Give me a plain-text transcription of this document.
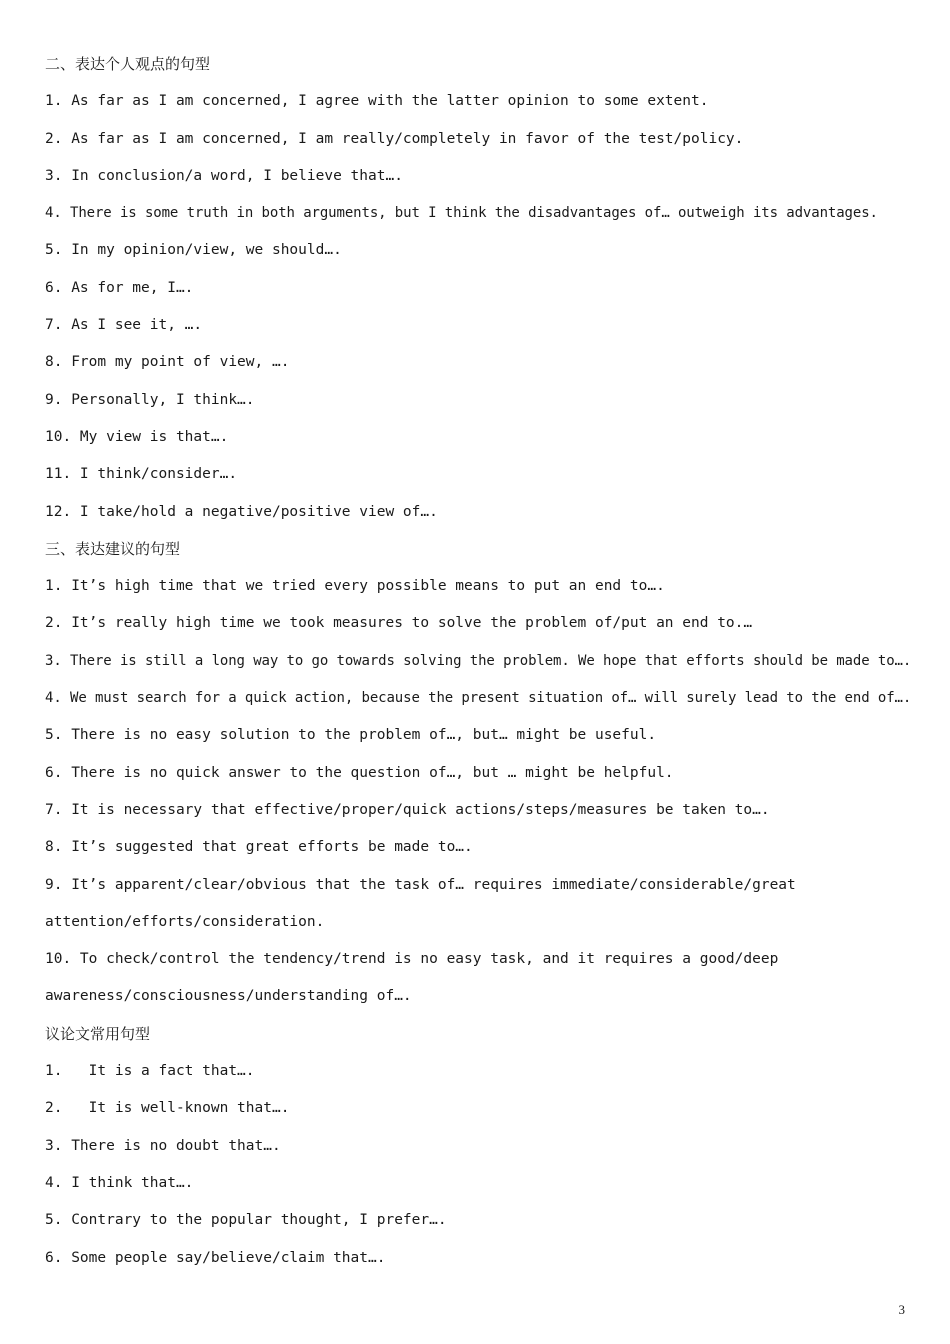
二、表达个人观点的句型
1. As far as I am concerned, I agree with the latter opinion to some extent.
2. As far as I am concerned, I am really/completely in favor of the test/policy.
3. In conclusion/a word, I believe that….
4. There is some truth in both arguments, but I think the disadvantages of… outweigh its advantages.
5. In my opinion/view, we should….
6. As for me, I….
7. As I see it, ….
8. From my point of view, ….
9. Personally, I think….
10. My view is that….
11. I think/consider….
12. I take/hold a negative/positive view of….
三、表达建议的句型
1. It’s high time that we tried every possible means to put an end to….
2. It’s really high time we took measures to solve the problem of/put an end to.…
3. There is still a long way to go towards solving the problem. We hope that efforts should be made to….
4. We must search for a quick action, because the present situation of… will surely lead to the end of….
5. There is no easy solution to the problem of…, but… might be useful.
6. There is no quick answer to the question of…, but … might be helpful.
7. It is necessary that effective/proper/quick actions/steps/measures be taken to….
8. It’s suggested that great efforts be made to….
9. It’s apparent/clear/obvious that the task of… requires immediate/considerable/great
attention/efforts/consideration.
10. To check/control the tendency/trend is no easy task, and it requires a good/deep
awareness/consciousness/understanding of….
议论文常用句型
1.   It is a fact that….
2.   It is well-known that….
3. There is no doubt that….
4. I think that….
5. Contrary to the popular thought, I prefer….
6. Some people say/believe/claim that….
3
